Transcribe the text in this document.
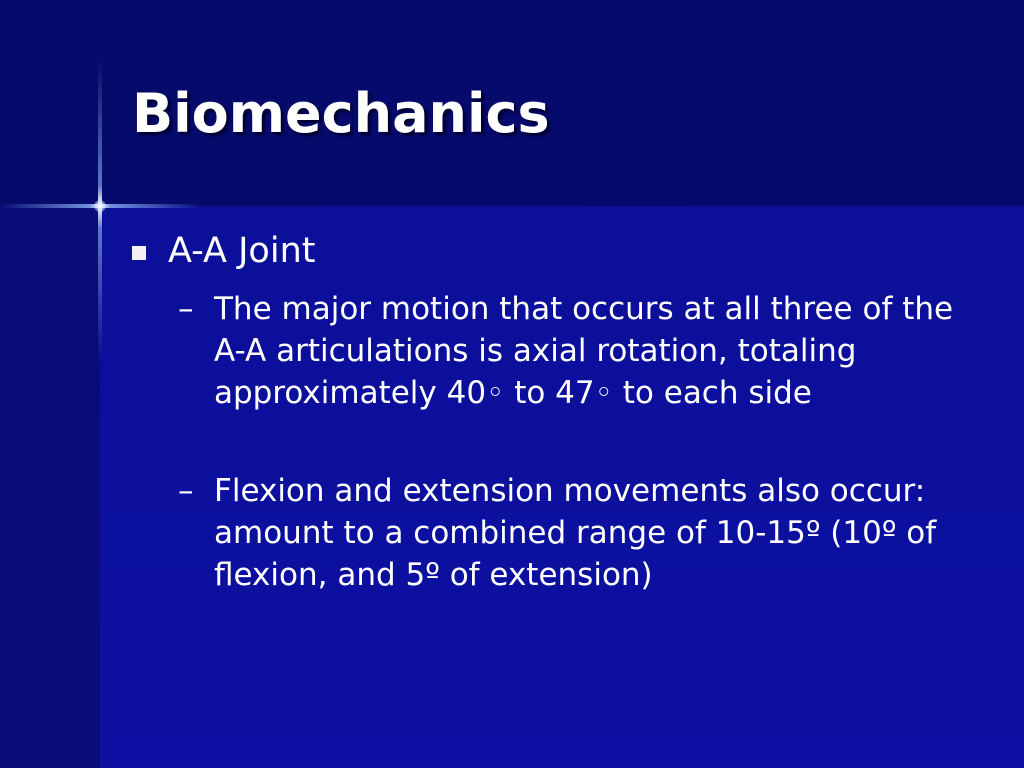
Biomechanics
A-A Joint
– The major motion that occurs at all three of the A-A articulations is axial rotation, totaling approximately 40◦ to 47◦ to each side
– Flexion and extension movements also occur: amount to a combined range of 10-15º (10º of flexion, and 5º of extension)
